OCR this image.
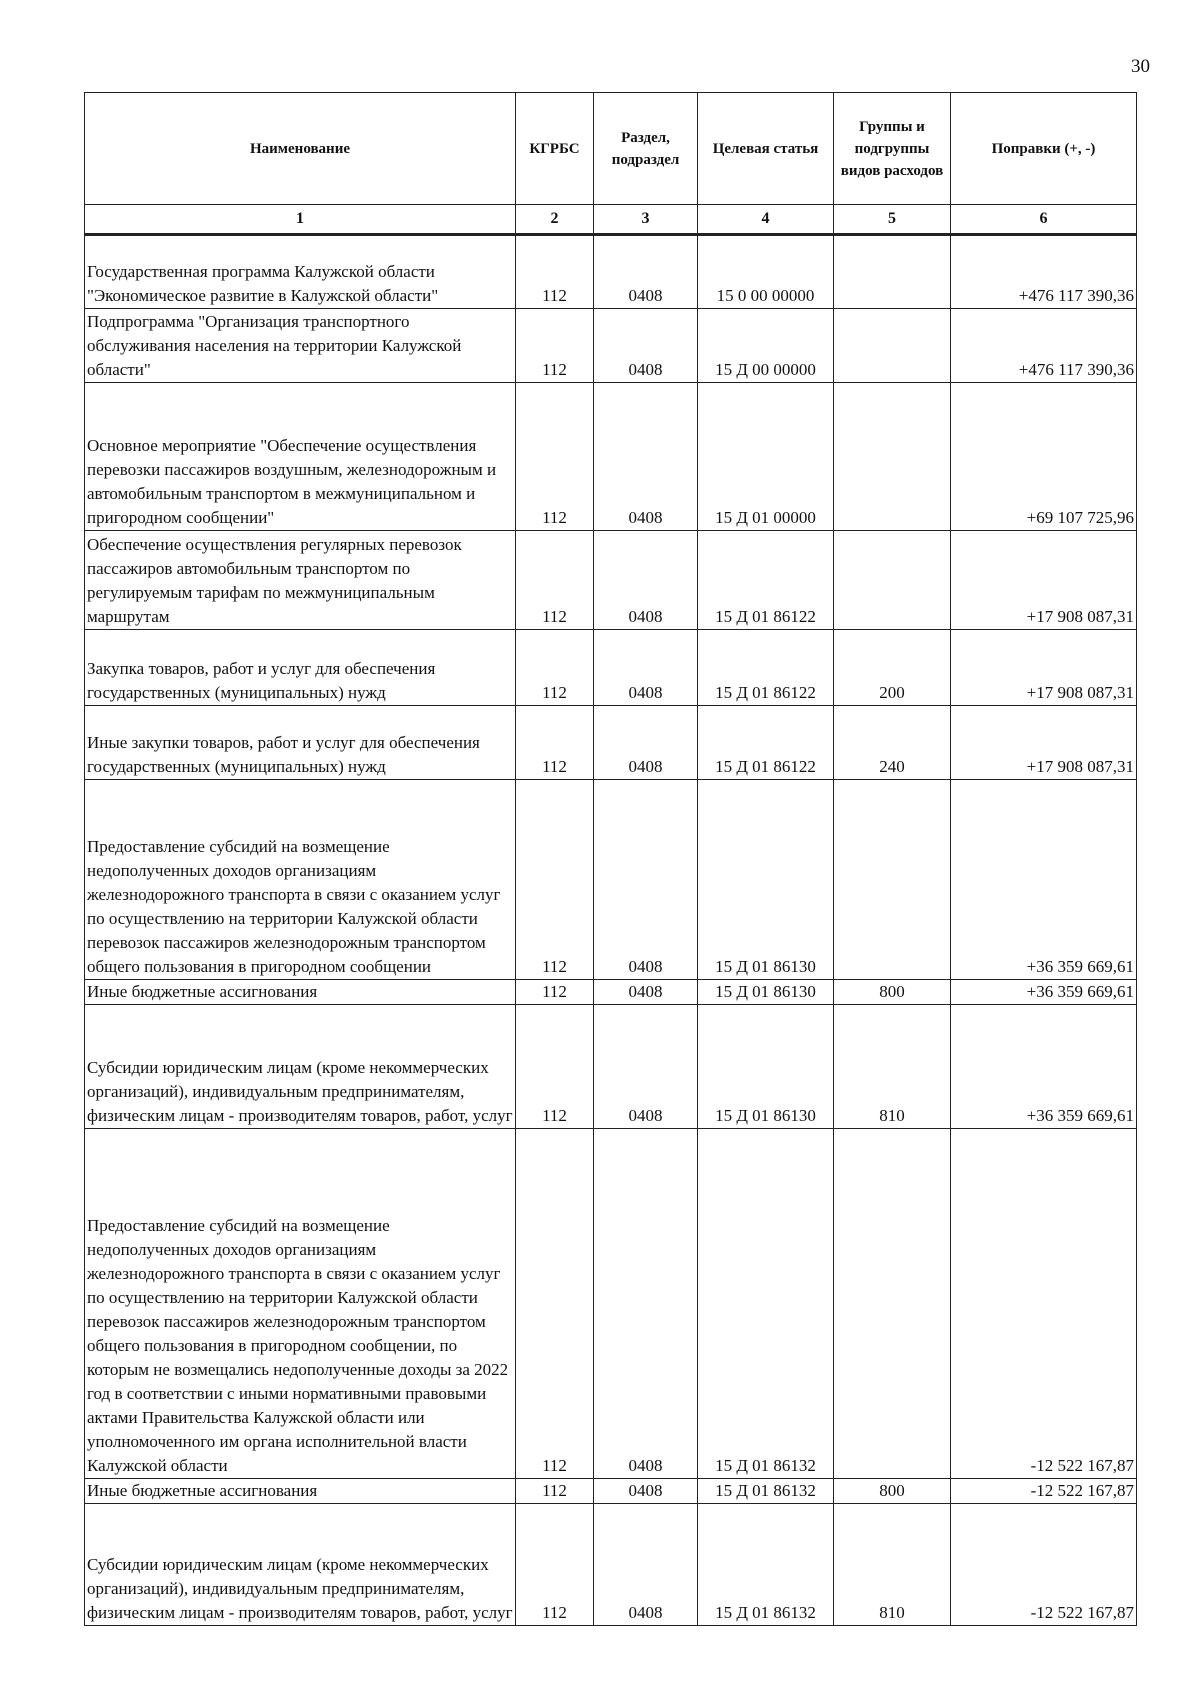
30
Наименование	КГРБС	Раздел, подраздел	Целевая статья	Группы и подгруппы видов расходов	Поправки (+, -)
1	2	3	4	5	6
Государственная программа Калужской области "Экономическое развитие в Калужской области"	112	0408	15 0 00 00000		+476 117 390,36
Подпрограмма "Организация транспортного обслуживания населения на территории Калужской области"	112	0408	15 Д 00 00000		+476 117 390,36
Основное мероприятие "Обеспечение осуществления перевозки пассажиров воздушным, железнодорожным и автомобильным транспортом в межмуниципальном и пригородном сообщении"	112	0408	15 Д 01 00000		+69 107 725,96
Обеспечение осуществления регулярных перевозок пассажиров автомобильным транспортом по регулируемым тарифам по межмуниципальным маршрутам	112	0408	15 Д 01 86122		+17 908 087,31
Закупка товаров, работ и услуг для обеспечения государственных (муниципальных) нужд	112	0408	15 Д 01 86122	200	+17 908 087,31
Иные закупки товаров, работ и услуг для обеспечения государственных (муниципальных) нужд	112	0408	15 Д 01 86122	240	+17 908 087,31
Предоставление субсидий на возмещение недополученных доходов организациям железнодорожного транспорта в связи с оказанием услуг по осуществлению на территории Калужской области перевозок пассажиров железнодорожным транспортом общего пользования в пригородном сообщении	112	0408	15 Д 01 86130		+36 359 669,61
Иные бюджетные ассигнования	112	0408	15 Д 01 86130	800	+36 359 669,61
Субсидии юридическим лицам (кроме некоммерческих организаций), индивидуальным предпринимателям, физическим лицам - производителям товаров, работ, услуг	112	0408	15 Д 01 86130	810	+36 359 669,61
Предоставление субсидий на возмещение недополученных доходов организациям железнодорожного транспорта в связи с оказанием услуг по осуществлению на территории Калужской области перевозок пассажиров железнодорожным транспортом общего пользования в пригородном сообщении, по которым не возмещались недополученные доходы за 2022 год в соответствии с иными нормативными правовыми актами Правительства Калужской области или уполномоченного им органа исполнительной власти Калужской области	112	0408	15 Д 01 86132		-12 522 167,87
Иные бюджетные ассигнования	112	0408	15 Д 01 86132	800	-12 522 167,87
Субсидии юридическим лицам (кроме некоммерческих организаций), индивидуальным предпринимателям, физическим лицам - производителям товаров, работ, услуг	112	0408	15 Д 01 86132	810	-12 522 167,87
